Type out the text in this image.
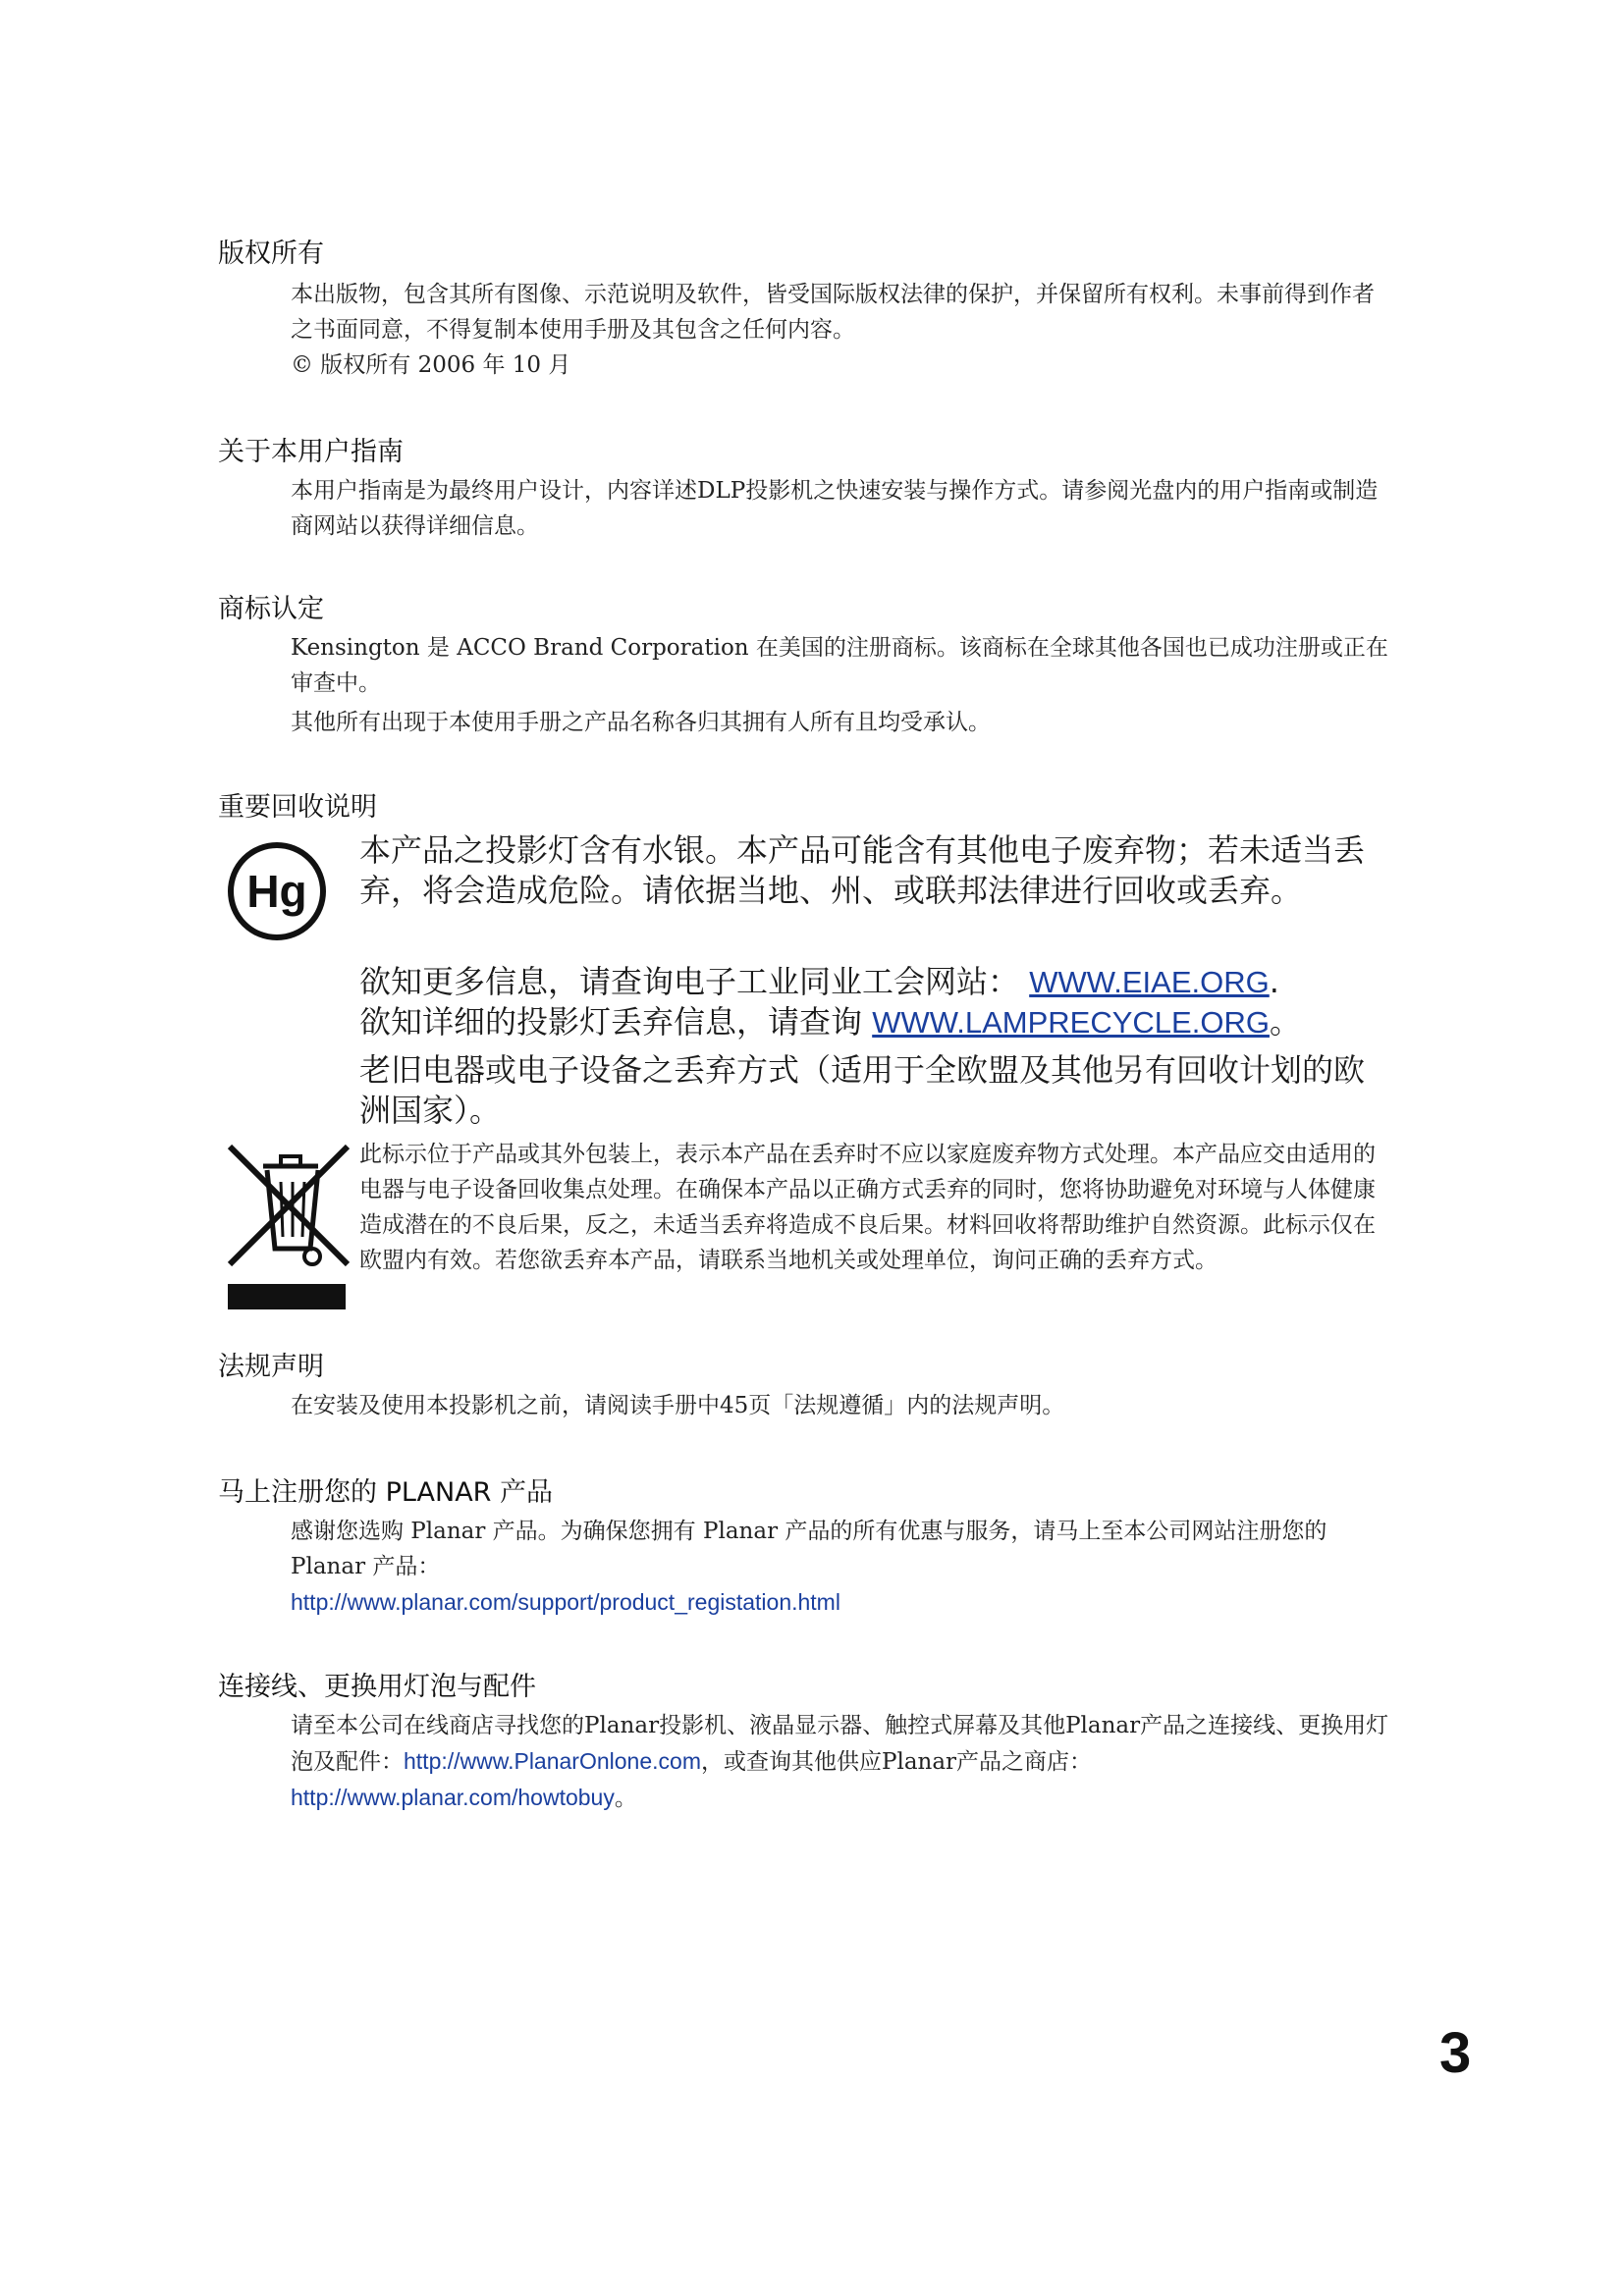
版权所有

本出版物，包含其所有图像、示范说明及软件，皆受国际版权法律的保护，并保留所有权利。未事前得到作者之书面同意，不得复制本使用手册及其包含之任何内容。

© 版权所有 2006 年 10 月

关于本用户指南

本用户指南是为最终用户设计，内容详述DLP投影机之快速安装与操作方式。请参阅光盘内的用户指南或制造商网站以获得详细信息。

商标认定

Kensington 是 ACCO Brand Corporation 在美国的注册商标。该商标在全球其他各国也已成功注册或正在审查中。

其他所有出现于本使用手册之产品名称各归其拥有人所有且均受承认。

重要回收说明
Hg

本产品之投影灯含有水银。本产品可能含有其他电子废弃物；若未适当丢弃，将会造成危险。请依据当地、州、或联邦法律进行回收或丢弃。

欲知更多信息，请查询电子工业同业工会网站： WWW.EIAE.ORG.

欲知详细的投影灯丢弃信息，请查询 WWW.LAMPRECYCLE.ORG。

老旧电器或电子设备之丢弃方式（适用于全欧盟及其他另有回收计划的欧洲国家）。

此标示位于产品或其外包装上，表示本产品在丢弃时不应以家庭废弃物方式处理。本产品应交由适用的电器与电子设备回收集点处理。在确保本产品以正确方式丢弃的同时，您将协助避免对环境与人体健康造成潜在的不良后果，反之，未适当丢弃将造成不良后果。材料回收将帮助维护自然资源。此标示仅在欧盟内有效。若您欲丢弃本产品，请联系当地机关或处理单位，询问正确的丢弃方式。

法规声明

在安装及使用本投影机之前，请阅读手册中45页「法规遵循」内的法规声明。

马上注册您的 PLANAR 产品

感谢您选购 Planar 产品。为确保您拥有 Planar 产品的所有优惠与服务，请马上至本公司网站注册您的 Planar 产品：

http://www.planar.com/support/product_registation.html

连接线、更换用灯泡与配件

请至本公司在线商店寻找您的Planar投影机、液晶显示器、触控式屏幕及其他Planar产品之连接线、更换用灯泡及配件：http://www.PlanarOnlone.com，或查询其他供应Planar产品之商店：http://www.planar.com/howtobuy。

3
